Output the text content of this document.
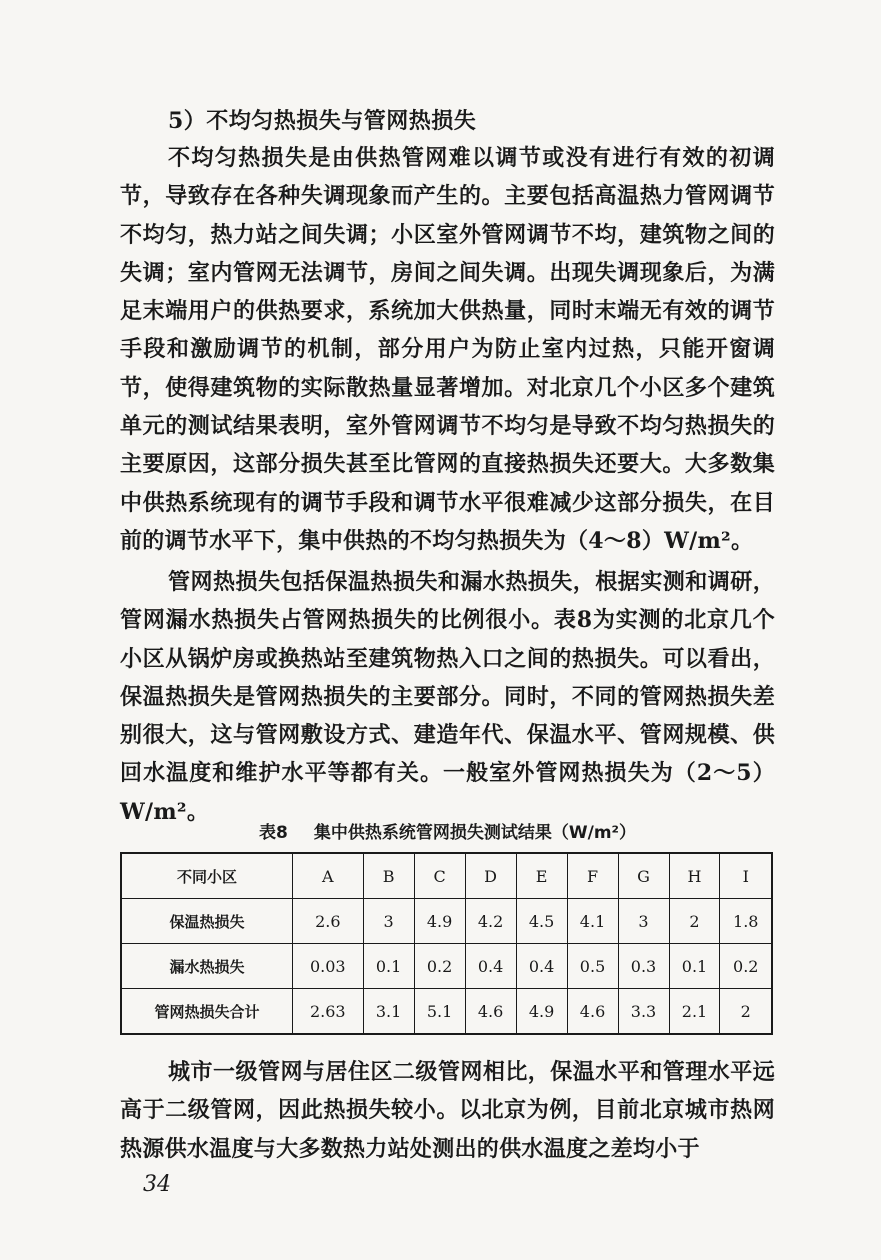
5）不均匀热损失与管网热损失

不均匀热损失是由供热管网难以调节或没有进行有效的初调节，导致存在各种失调现象而产生的。主要包括高温热力管网调节不均匀，热力站之间失调；小区室外管网调节不均，建筑物之间的失调；室内管网无法调节，房间之间失调。出现失调现象后，为满足末端用户的供热要求，系统加大供热量，同时末端无有效的调节手段和激励调节的机制，部分用户为防止室内过热，只能开窗调节，使得建筑物的实际散热量显著增加。对北京几个小区多个建筑单元的测试结果表明，室外管网调节不均匀是导致不均匀热损失的主要原因，这部分损失甚至比管网的直接热损失还要大。大多数集中供热系统现有的调节手段和调节水平很难减少这部分损失，在目前的调节水平下，集中供热的不均匀热损失为（4～8）W/m²。

管网热损失包括保温热损失和漏水热损失，根据实测和调研，管网漏水热损失占管网热损失的比例很小。表8为实测的北京几个小区从锅炉房或换热站至建筑物热入口之间的热损失。可以看出，保温热损失是管网热损失的主要部分。同时，不同的管网热损失差别很大，这与管网敷设方式、建造年代、保温水平、管网规模、供回水温度和维护水平等都有关。一般室外管网热损失为（2～5）W/m²。

表8 集中供热系统管网损失测试结果（W/m²）
不同小区	A	B	C	D	E	F	G	H	I
保温热损失	2.6	3	4.9	4.2	4.5	4.1	3	2	1.8
漏水热损失	0.03	0.1	0.2	0.4	0.4	0.5	0.3	0.1	0.2
管网热损失合计	2.63	3.1	5.1	4.6	4.9	4.6	3.3	2.1	2

城市一级管网与居住区二级管网相比，保温水平和管理水平远高于二级管网，因此热损失较小。以北京为例，目前北京城市热网热源供水温度与大多数热力站处测出的供水温度之差均小于

34
